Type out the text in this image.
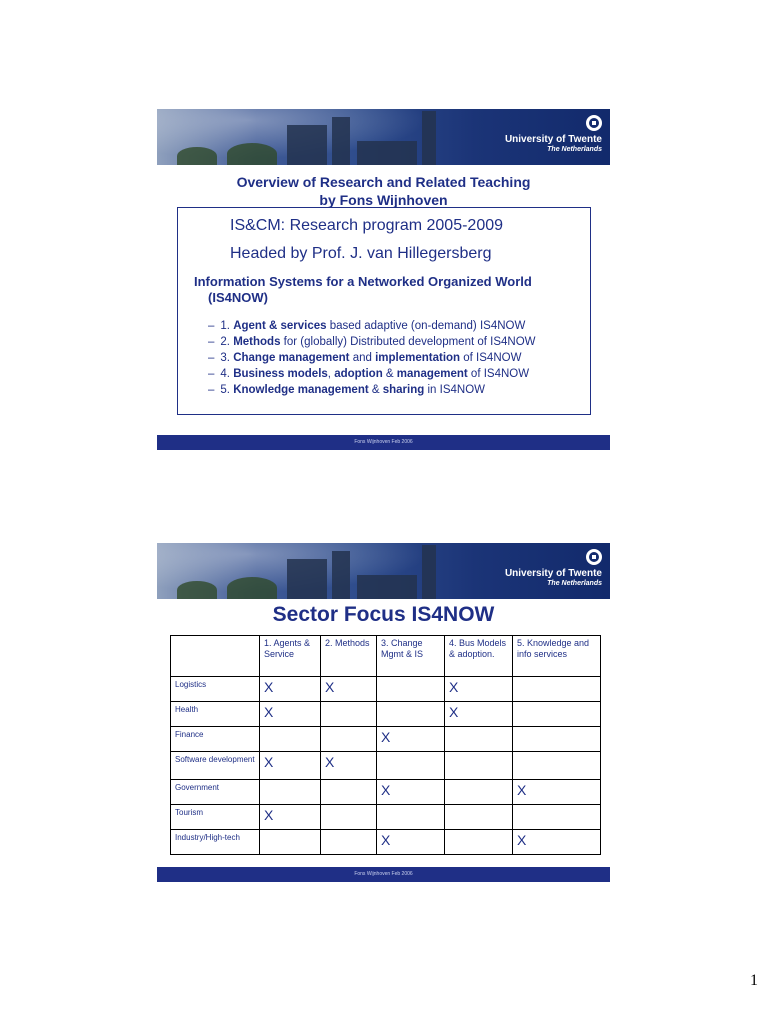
University of Twente
The Netherlands
Overview of Research and Related Teaching
by Fons Wijnhoven
IS&CM: Research program 2005-2009
Headed by Prof. J. van Hillegersberg
Information Systems for a Networked Organized World
(IS4NOW)
– 1. Agent & services based adaptive (on-demand) IS4NOW
– 2. Methods for (globally) Distributed development of IS4NOW
– 3. Change management and implementation of IS4NOW
– 4. Business models, adoption & management of IS4NOW
– 5. Knowledge management & sharing in IS4NOW
Fons Wijnhoven Feb 2006
University of Twente
The Netherlands
Sector Focus IS4NOW
	1. Agents & Service	2. Methods	3. Change Mgmt & IS	4. Bus Models & adoption.	5. Knowledge and info services
Logistics	X	X		X	
Health	X			X	
Finance			X		
Software development	X	X			
Government			X		X
Tourism	X				
Industry/High-tech			X		X
Fons Wijnhoven Feb 2006
1
